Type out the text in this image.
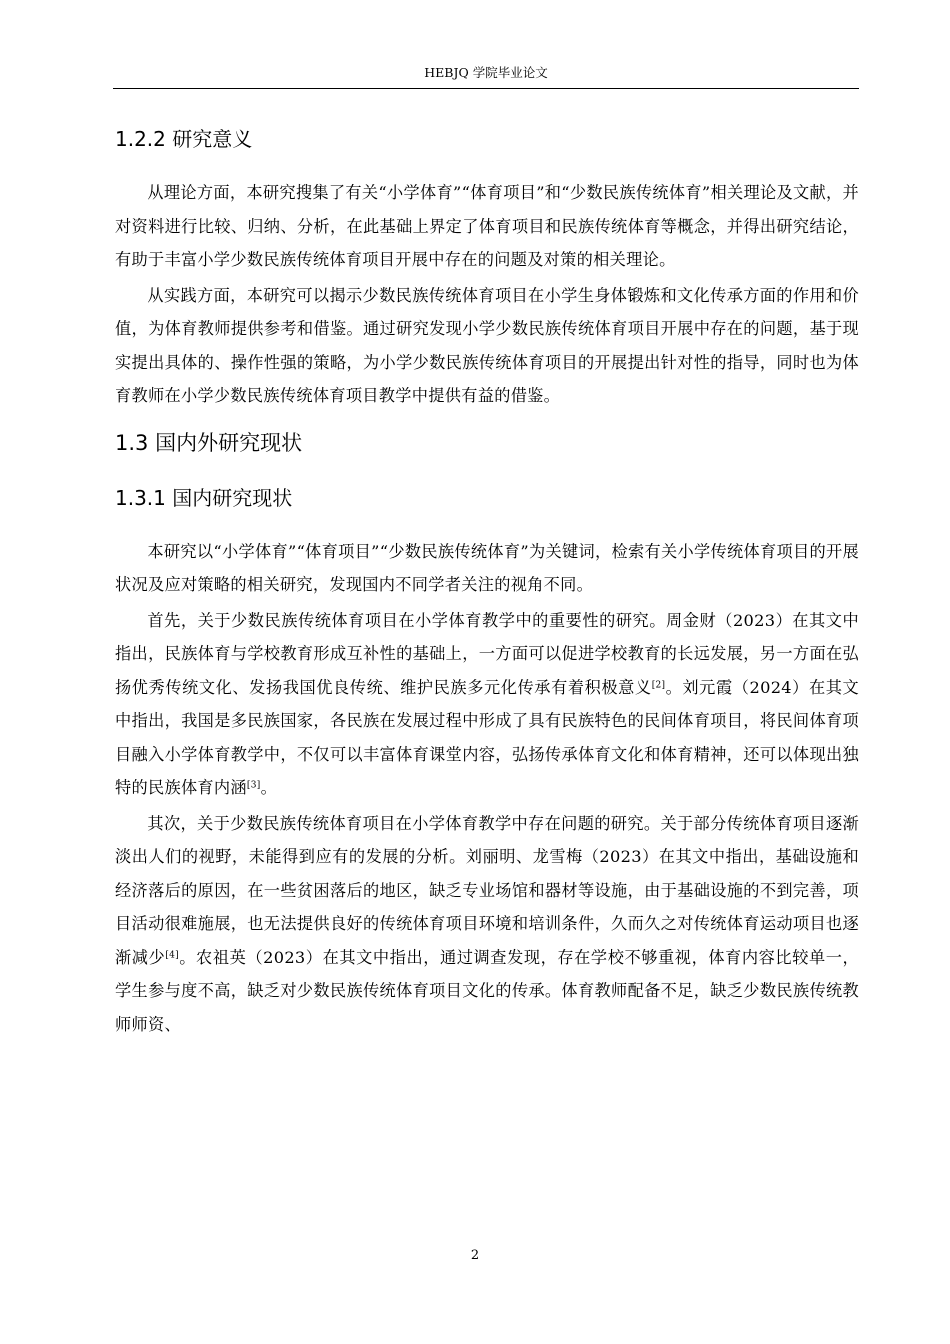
HEBJQ 学院毕业论文
1.2.2 研究意义

从理论方面，本研究搜集了有关“小学体育”“体育项目”和“少数民族传统体育”相关理论及文献，并对资料进行比较、归纳、分析，在此基础上界定了体育项目和民族传统体育等概念，并得出研究结论，有助于丰富小学少数民族传统体育项目开展中存在的问题及对策的相关理论。

从实践方面，本研究可以揭示少数民族传统体育项目在小学生身体锻炼和文化传承方面的作用和价值，为体育教师提供参考和借鉴。通过研究发现小学少数民族传统体育项目开展中存在的问题，基于现实提出具体的、操作性强的策略，为小学少数民族传统体育项目的开展提出针对性的指导，同时也为体育教师在小学少数民族传统体育项目教学中提供有益的借鉴。

1.3 国内外研究现状
1.3.1 国内研究现状

本研究以“小学体育”“体育项目”“少数民族传统体育”为关键词，检索有关小学传统体育项目的开展状况及应对策略的相关研究，发现国内不同学者关注的视角不同。

首先，关于少数民族传统体育项目在小学体育教学中的重要性的研究。周金财（2023）在其文中指出，民族体育与学校教育形成互补性的基础上，一方面可以促进学校教育的长远发展，另一方面在弘扬优秀传统文化、发扬我国优良传统、维护民族多元化传承有着积极意义[2]。刘元霞（2024）在其文中指出，我国是多民族国家，各民族在发展过程中形成了具有民族特色的民间体育项目，将民间体育项目融入小学体育教学中，不仅可以丰富体育课堂内容，弘扬传承体育文化和体育精神，还可以体现出独特的民族体育内涵[3]。

其次，关于少数民族传统体育项目在小学体育教学中存在问题的研究。关于部分传统体育项目逐渐淡出人们的视野，未能得到应有的发展的分析。刘丽明、龙雪梅（2023）在其文中指出，基础设施和经济落后的原因，在一些贫困落后的地区，缺乏专业场馆和器材等设施，由于基础设施的不到完善，项目活动很难施展，也无法提供良好的传统体育项目环境和培训条件，久而久之对传统体育运动项目也逐渐减少[4]。农祖英（2023）在其文中指出，通过调查发现，存在学校不够重视，体育内容比较单一，学生参与度不高，缺乏对少数民族传统体育项目文化的传承。体育教师配备不足，缺乏少数民族传统教师师资、

2
